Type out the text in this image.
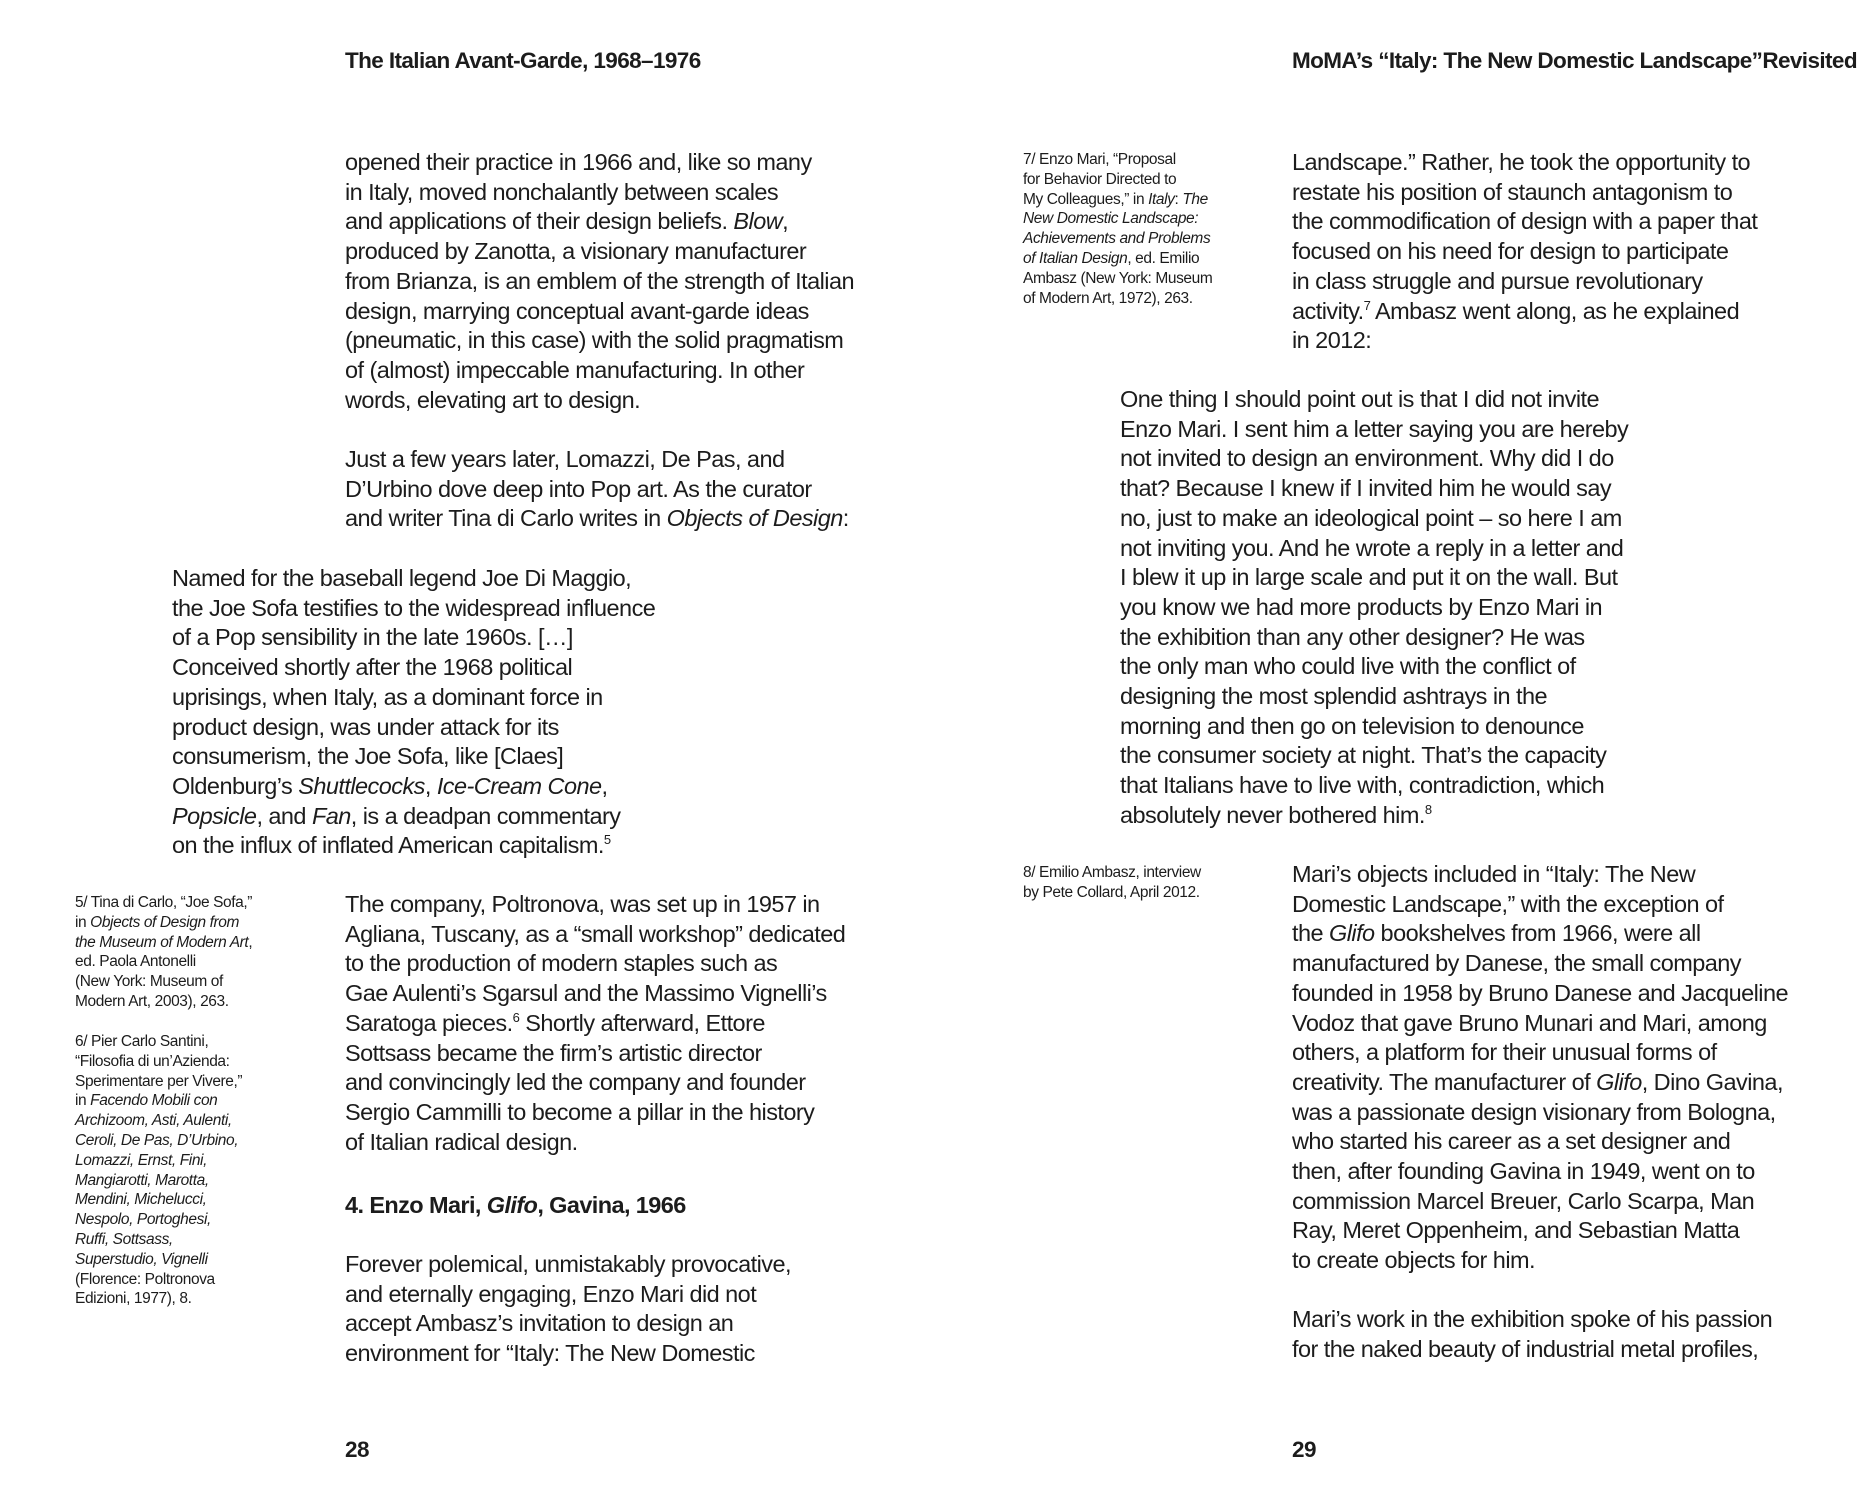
The Italian Avant-Garde, 1968–1976
opened their practice in 1966 and, like so many
in Italy, moved nonchalantly between scales
and applications of their design beliefs. Blow,
produced by Zanotta, a visionary manufacturer
from Brianza, is an emblem of the strength of Italian
design, marrying conceptual avant-garde ideas
(pneumatic, in this case) with the solid pragmatism
of (almost) impeccable manufacturing. In other
words, elevating art to design.
Just a few years later, Lomazzi, De Pas, and
D’Urbino dove deep into Pop art. As the curator
and writer Tina di Carlo writes in Objects of Design:
Named for the baseball legend Joe Di Maggio,
the Joe Sofa testifies to the widespread influence
of a Pop sensibility in the late 1960s. […]
Conceived shortly after the 1968 political
uprisings, when Italy, as a dominant force in
product design, was under attack for its
consumerism, the Joe Sofa, like [Claes]
Oldenburg’s Shuttlecocks, Ice-Cream Cone,
Popsicle, and Fan, is a deadpan commentary
on the influx of inflated American capitalism.$^5$
5/ Tina di Carlo, “Joe Sofa,”
in Objects of Design from
the Museum of Modern Art,
ed. Paola Antonelli
(New York: Museum of
Modern Art, 2003), 263.
6/ Pier Carlo Santini,
“Filosofia di un’Azienda:
Sperimentare per Vivere,”
in Facendo Mobili con
Archizoom, Asti, Aulenti,
Ceroli, De Pas, D’Urbino,
Lomazzi, Ernst, Fini,
Mangiarotti, Marotta,
Mendini, Michelucci,
Nespolo, Portoghesi,
Ruffi, Sottsass,
Superstudio, Vignelli
(Florence: Poltronova
Edizioni, 1977), 8.
The company, Poltronova, was set up in 1957 in
Agliana, Tuscany, as a “small workshop” dedicated
to the production of modern staples such as
Gae Aulenti’s Sgarsul and the Massimo Vignelli’s
Saratoga pieces.$^6$ Shortly afterward, Ettore
Sottsass became the firm’s artistic director
and convincingly led the company and founder
Sergio Cammilli to become a pillar in the history
of Italian radical design.
4. Enzo Mari, Glifo, Gavina, 1966
Forever polemical, unmistakably provocative,
and eternally engaging, Enzo Mari did not
accept Ambasz’s invitation to design an
environment for “Italy: The New Domestic
28
MoMA’s “Italy: The New Domestic Landscape”Revisited
7/ Enzo Mari, “Proposal
for Behavior Directed to
My Colleagues,” in Italy: The
New Domestic Landscape:
Achievements and Problems
of Italian Design, ed. Emilio
Ambasz (New York: Museum
of Modern Art, 1972), 263.
Landscape.” Rather, he took the opportunity to
restate his position of staunch antagonism to
the commodification of design with a paper that
focused on his need for design to participate
in class struggle and pursue revolutionary
activity.$^7$ Ambasz went along, as he explained
in 2012:
One thing I should point out is that I did not invite
Enzo Mari. I sent him a letter saying you are hereby
not invited to design an environment. Why did I do
that? Because I knew if I invited him he would say
no, just to make an ideological point – so here I am
not inviting you. And he wrote a reply in a letter and
I blew it up in large scale and put it on the wall. But
you know we had more products by Enzo Mari in
the exhibition than any other designer? He was
the only man who could live with the conflict of
designing the most splendid ashtrays in the
morning and then go on television to denounce
the consumer society at night. That’s the capacity
that Italians have to live with, contradiction, which
absolutely never bothered him.$^8$
8/ Emilio Ambasz, interview
by Pete Collard, April 2012.
Mari’s objects included in “Italy: The New
Domestic Landscape,” with the exception of
the Glifo bookshelves from 1966, were all
manufactured by Danese, the small company
founded in 1958 by Bruno Danese and Jacqueline
Vodoz that gave Bruno Munari and Mari, among
others, a platform for their unusual forms of
creativity. The manufacturer of Glifo, Dino Gavina,
was a passionate design visionary from Bologna,
who started his career as a set designer and
then, after founding Gavina in 1949, went on to
commission Marcel Breuer, Carlo Scarpa, Man
Ray, Meret Oppenheim, and Sebastian Matta
to create objects for him.
Mari’s work in the exhibition spoke of his passion
for the naked beauty of industrial metal profiles,
29
